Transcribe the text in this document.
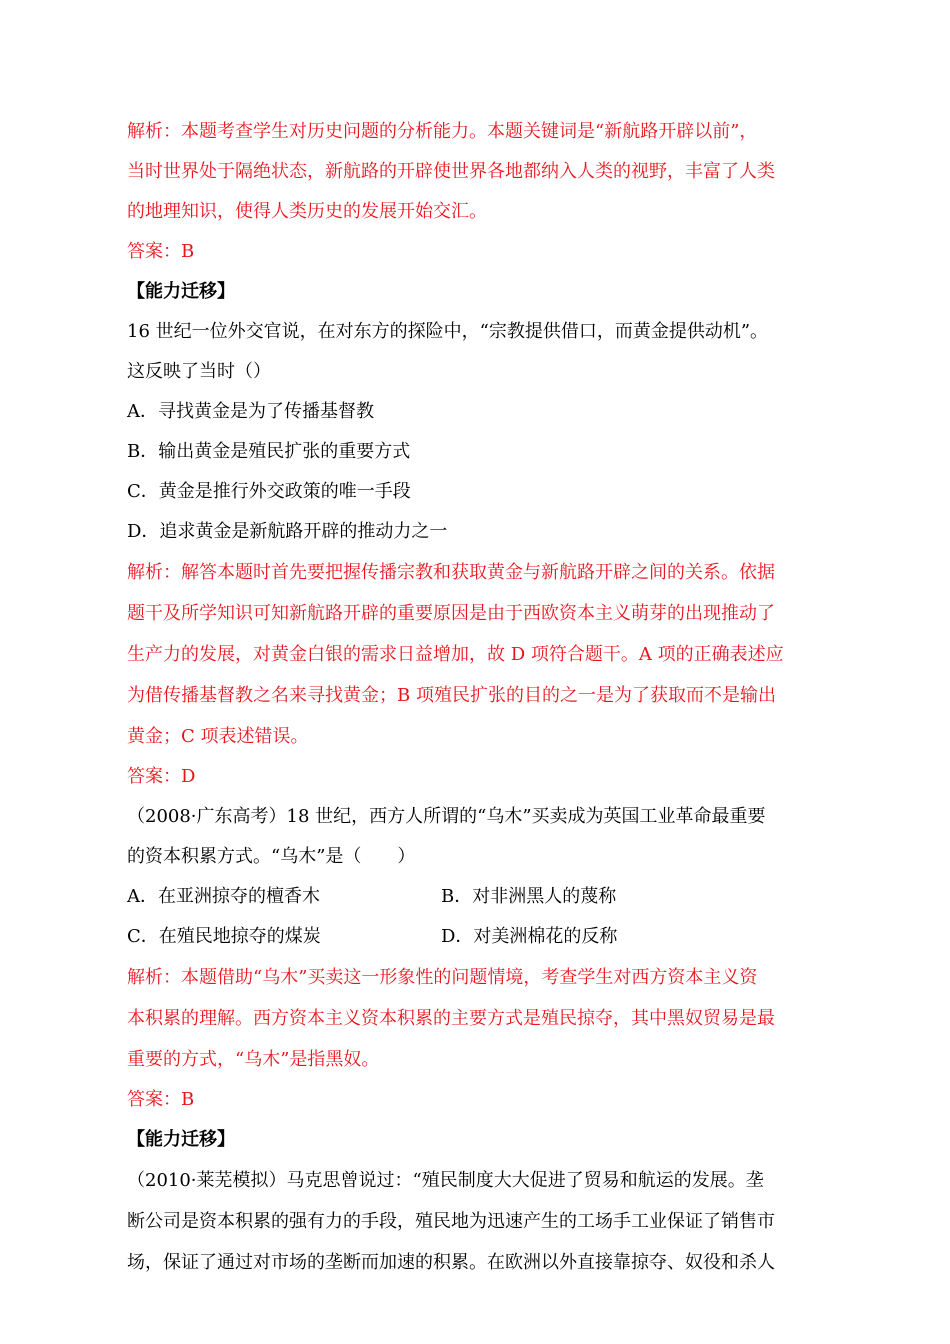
解析：本题考查学生对历史问题的分析能力。本题关键词是“新航路开辟以前”，
当时世界处于隔绝状态，新航路的开辟使世界各地都纳入人类的视野，丰富了人类
的地理知识，使得人类历史的发展开始交汇。
答案：B
【能力迁移】
16 世纪一位外交官说，在对东方的探险中，“宗教提供借口，而黄金提供动机”。
这反映了当时（）
A．寻找黄金是为了传播基督教
B．输出黄金是殖民扩张的重要方式
C．黄金是推行外交政策的唯一手段
D．追求黄金是新航路开辟的推动力之一
解析：解答本题时首先要把握传播宗教和获取黄金与新航路开辟之间的关系。依据
题干及所学知识可知新航路开辟的重要原因是由于西欧资本主义萌芽的出现推动了
生产力的发展，对黄金白银的需求日益增加，故 D 项符合题干。A 项的正确表述应
为借传播基督教之名来寻找黄金；B 项殖民扩张的目的之一是为了获取而不是输出
黄金；C 项表述错误。
答案：D
（2008·广东高考）18 世纪，西方人所谓的“乌木”买卖成为英国工业革命最重要
的资本积累方式。“乌木”是（　　）
A．在亚洲掠夺的檀香木	B．对非洲黑人的蔑称
C．在殖民地掠夺的煤炭	D．对美洲棉花的反称
解析：本题借助“乌木”买卖这一形象性的问题情境，考查学生对西方资本主义资
本积累的理解。西方资本主义资本积累的主要方式是殖民掠夺，其中黑奴贸易是最
重要的方式，“乌木”是指黑奴。
答案：B
【能力迁移】
（2010·莱芜模拟）马克思曾说过：“殖民制度大大促进了贸易和航运的发展。垄
断公司是资本积累的强有力的手段，殖民地为迅速产生的工场手工业保证了销售市
场，保证了通过对市场的垄断而加速的积累。在欧洲以外直接靠掠夺、奴役和杀人
